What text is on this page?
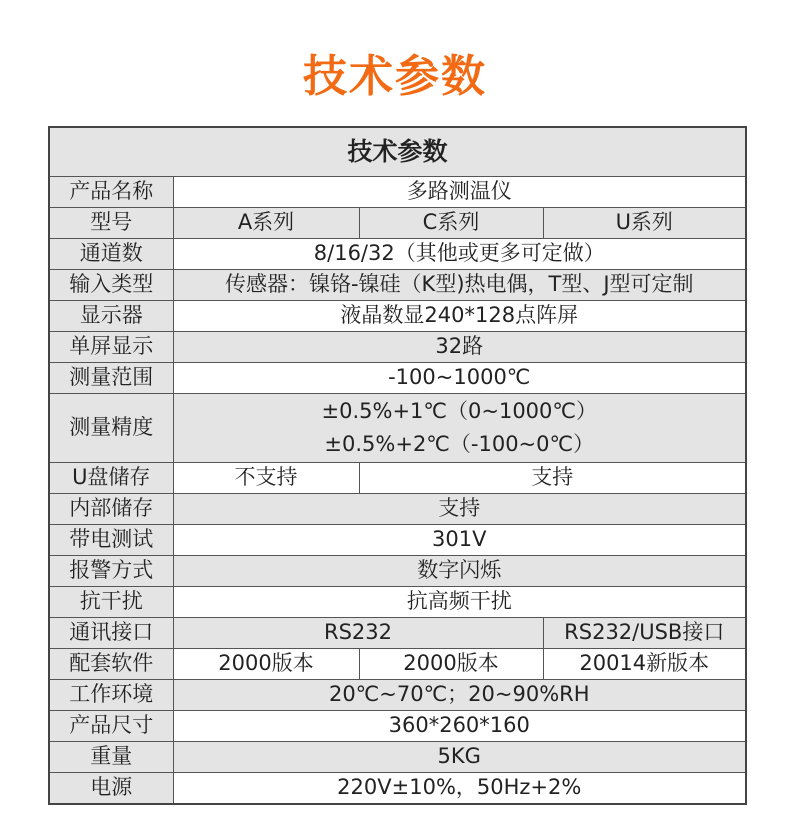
技术参数
技术参数			
产品名称	多路测温仪		
型号	A系列	C系列	U系列
通道数	8/16/32（其他或更多可定做）		
输入类型	传感器：镍铬-镍硅（K型)热电偶，T型、J型可定制		
显示器	液晶数显240*128点阵屏		
单屏显示	32路		
测量范围	-100~1000℃		
测量精度	±0.5%+1℃（0~1000℃）
±0.5%+2℃（-100~0℃）		

U盘储存	不支持	支持	
内部储存	支持		
带电测试	301V		
报警方式	数字闪烁		
抗干扰	抗高频干扰		
通讯接口	RS232		RS232/USB接口
配套软件	2000版本	2000版本	20014新版本
工作环境	20℃~70℃；20~90%RH		
产品尺寸	360*260*160		
重量	5KG		
电源	220V±10%，50Hz+2%		
